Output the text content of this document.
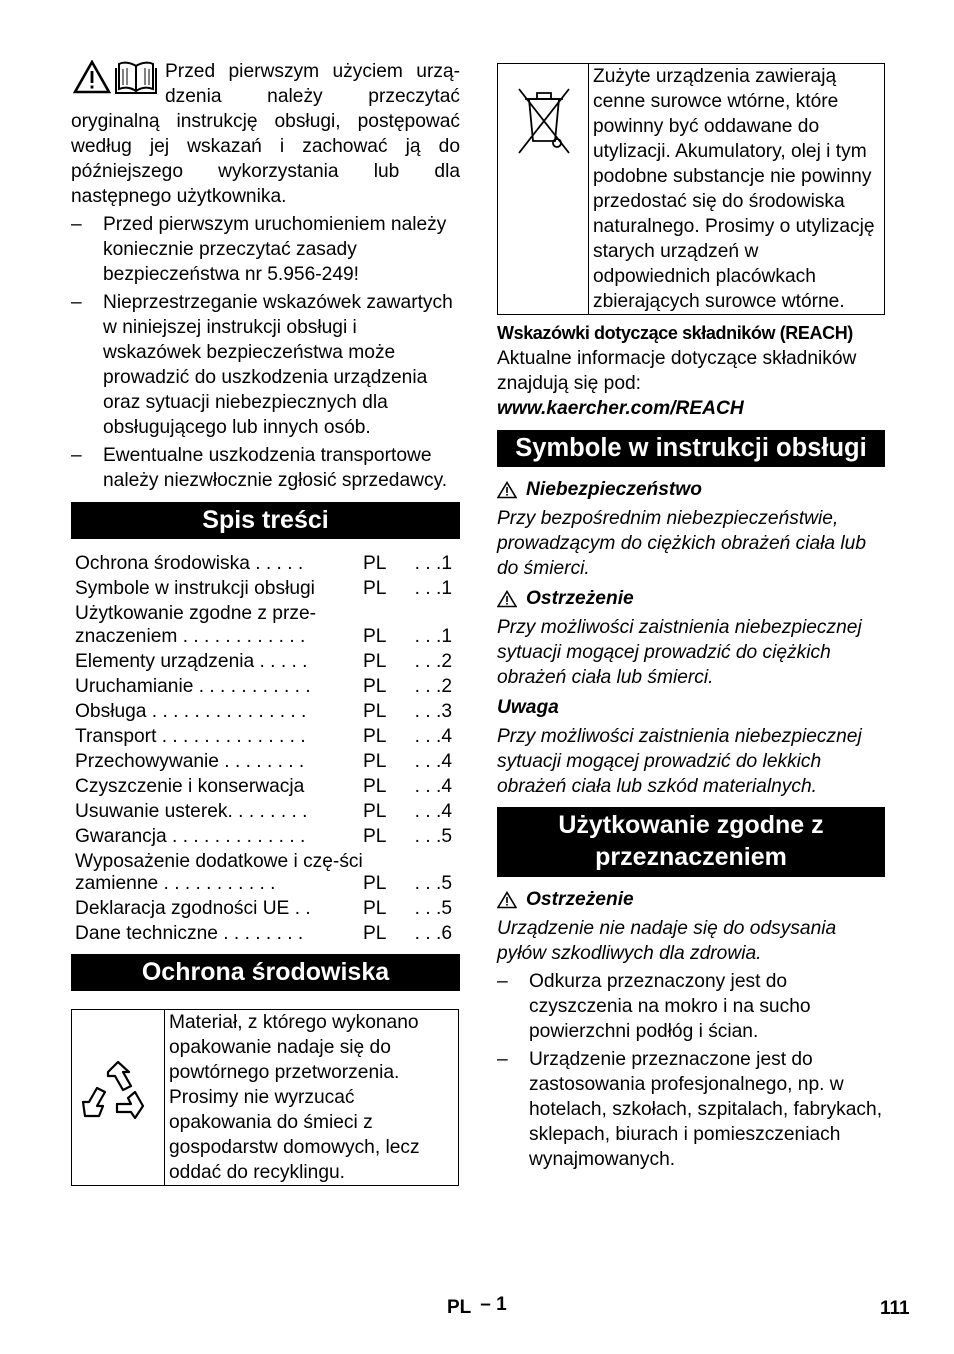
Przed pierwszym użyciem urzą-dzenia należy przeczytać oryginalną instrukcję obsługi, postępować według jej wskazań i zachować ją do późniejszego wykorzystania lub dla następnego użytkownika.
–	Przed pierwszym uruchomieniem należy koniecznie przeczytać zasady bezpieczeństwa nr 5.956-249!
–	Nieprzestrzeganie wskazówek zawartych w niniejszej instrukcji obsługi i wskazówek bezpieczeństwa może prowadzić do uszkodzenia urządzenia oraz sytuacji niebezpiecznych dla obsługującego lub innych osób.
–	Ewentualne uszkodzenia transportowe należy niezwłocznie zgłosić sprzedawcy.
Spis treści
Ochrona środowiska . . . . .	PL	. . .1
Symbole w instrukcji obsługi	PL	. . .1
Użytkowanie zgodne z prze-znaczeniem . . . . . . . . . . . .	PL	. . .1
Elementy urządzenia . . . . .	PL	. . .2
Uruchamianie . . . . . . . . . . .	PL	. . .2
Obsługa . . . . . . . . . . . . . . .	PL	. . .3
Transport . . . . . . . . . . . . . .	PL	. . .4
Przechowywanie . . . . . . . .	PL	. . .4
Czyszczenie i konserwacja	PL	. . .4
Usuwanie usterek. . . . . . . .	PL	. . .4
Gwarancja . . . . . . . . . . . . .	PL	. . .5
Wyposażenie dodatkowe i czę-ści zamienne . . . . . . . . . . .	PL	. . .5
Deklaracja zgodności UE . .	PL	. . .5
Dane techniczne . . . . . . . .	PL	. . .6
Ochrona środowiska
	Materiał, z którego wykonano opakowanie nadaje się do powtórnego przetworzenia. Prosimy nie wyrzucać opakowania do śmieci z gospodarstw domowych, lecz oddać do recyklingu.
	Zużyte urządzenia zawierają cenne surowce wtórne, które powinny być oddawane do utylizacji. Akumulatory, olej i tym podobne substancje nie powinny przedostać się do środowiska naturalnego. Prosimy o utylizację starych urządzeń w odpowiednich placówkach zbierających surowce wtórne.

Wskazówki dotyczące składników (REACH)

Aktualne informacje dotyczące składników znajdują się pod:

www.kaercher.com/REACH

Symbole w instrukcji obsługi
Niebezpieczeństwo

Przy bezpośrednim niebezpieczeństwie, prowadzącym do ciężkich obrażeń ciała lub do śmierci.

Ostrzeżenie

Przy możliwości zaistnienia niebezpiecznej sytuacji mogącej prowadzić do ciężkich obrażeń ciała lub śmierci.

Uwaga

Przy możliwości zaistnienia niebezpiecznej sytuacji mogącej prowadzić do lekkich obrażeń ciała lub szkód materialnych.

Użytkowanie zgodne z przeznaczeniem
Ostrzeżenie

Urządzenie nie nadaje się do odsysania pyłów szkodliwych dla zdrowia.

–	Odkurza przeznaczony jest do czyszczenia na mokro i na sucho powierzchni podłóg i ścian.
–	Urządzenie przeznaczone jest do zastosowania profesjonalnego, np. w hotelach, szkołach, szpitalach, fabrykach, sklepach, biurach i pomieszczeniach wynajmowanych.
PL – 1	111
